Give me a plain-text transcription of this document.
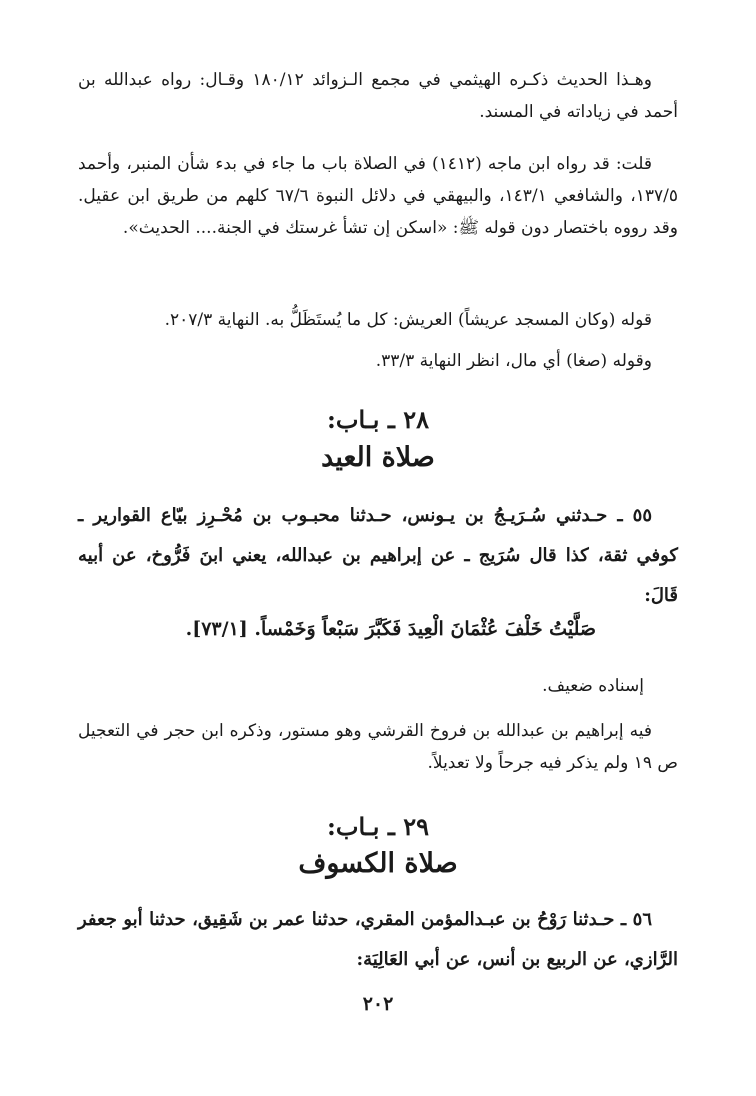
وهـذا الحديث ذكـره الهيثمي في مجمع الـزوائد ١٨٠/١٢ وقـال: رواه عبدالله بن أحمد في زياداته في المسند.

قلت: قد رواه ابن ماجه (١٤١٢) في الصلاة باب ما جاء في بدء شأن المنبر، وأحمد ١٣٧/٥، والشافعي ١٤٣/١، والبيهقي في دلائل النبوة ٦٧/٦ كلهم من طريق ابن عقيل. وقد رووه باختصار دون قوله ﷺ: «اسكن إن تشأ غرستك في الجنة.... الحديث».

قوله (وكان المسجد عريشاً) العريش: كل ما يُستَظَلُّ به. النهاية ٢٠٧/٣.

وقوله (صغا) أي مال، انظر النهاية ٣٣/٣.

٢٨ ـ بـاب:
صلاة العيد

٥٥ ـ حـدثني سُـرَيـجُ بن يـونس، حـدثنا محبـوب بن مُحْـرِز بيّاع القوارير ـ كوفي ثقة، كذا قال سُرَيج ـ عن إبراهيم بن عبدالله، يعني ابنَ فَرُّوخ، عن أبيه قَالَ:

صَلَّيْتُ خَلْفَ عُثْمَانَ الْعِيدَ فَكَبَّرَ سَبْعاً وَخَمْساً. [٧٣/١].

إسناده ضعيف.

فيه إبراهيم بن عبدالله بن فروخ القرشي وهو مستور، وذكره ابن حجر في التعجيل ص ١٩ ولم يذكر فيه جرحاً ولا تعديلاً.

٢٩ ـ بـاب:
صلاة الكسوف

٥٦ ـ حـدثنا رَوْحُ بن عبـدالمؤمن المقري، حدثنا عمر بن شَقِيق، حدثنا أبو جعفر الرَّازي، عن الربيع بن أنس، عن أبي العَالِيَة:

٢٠٢
